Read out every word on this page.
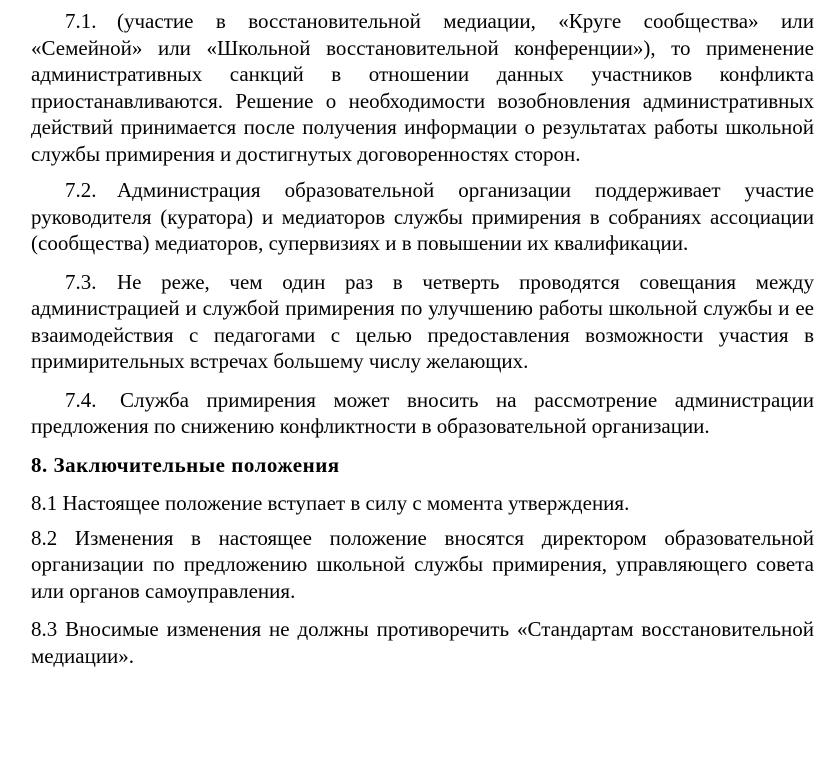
7.1. (участие в восстановительной медиации, «Круге сообщества» или «Семейной» или «Школьной восстановительной конференции»), то применение административных санкций в отношении данных участников конфликта приостанавливаются. Решение о необходимости возобновления административных действий принимается после получения информации о результатах работы школьной службы примирения и достигнутых договоренностях сторон.

7.2. Администрация образовательной организации поддерживает участие руководителя (куратора) и медиаторов службы примирения в собраниях ассоциации (сообщества) медиаторов, супервизиях и в повышении их квалификации.

7.3. Не реже, чем один раз в четверть проводятся совещания между администрацией и службой примирения по улучшению работы школьной службы и ее взаимодействия с педагогами с целью предоставления возможности участия в примирительных встречах большему числу желающих.

7.4. Служба примирения может вносить на рассмотрение администрации предложения по снижению конфликтности в образовательной организации.

8. Заключительные положения

8.1 Настоящее положение вступает в силу с момента утверждения.

8.2 Изменения в настоящее положение вносятся директором образовательной организации по предложению школьной службы примирения, управляющего совета или органов самоуправления.

8.3 Вносимые изменения не должны противоречить «Стандартам восстановительной медиации».
